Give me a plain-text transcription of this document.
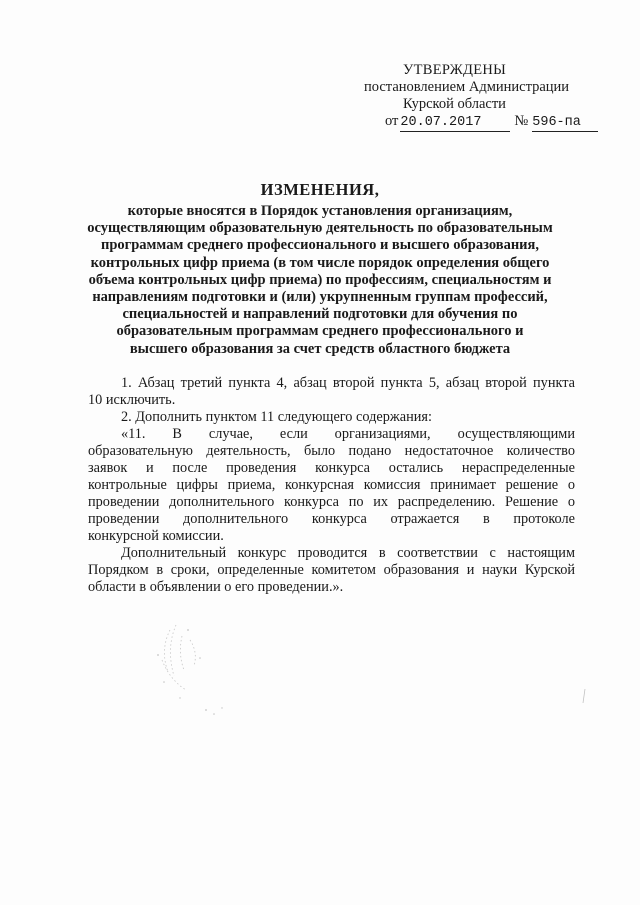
УТВЕРЖДЕНЫ
постановлением Администрации
Курской области
от 20.07.2017	№ 596-па
ИЗМЕНЕНИЯ,
которые вносятся в Порядок установления организациям,
осуществляющим образовательную деятельность по образовательным
программам среднего профессионального и высшего образования,
контрольных цифр приема (в том числе порядок определения общего
объема контрольных цифр приема) по профессиям, специальностям и
направлениям подготовки и (или) укрупненным группам профессий,
специальностей и направлений подготовки для обучения по
образовательным программам среднего профессионального и
высшего образования за счет средств областного бюджета
1. Абзац третий пункта 4, абзац второй пункта 5, абзац второй пункта
10 исключить.
2. Дополнить пунктом 11 следующего содержания:
«11. В случае, если организациями, осуществляющими
образовательную деятельность, было подано недостаточное количество
заявок и после проведения конкурса остались нераспределенные
контрольные цифры приема, конкурсная комиссия принимает решение о
проведении дополнительного конкурса по их распределению. Решение о
проведении дополнительного конкурса отражается в протоколе
конкурсной комиссии.
Дополнительный конкурс проводится в соответствии с настоящим
Порядком в сроки, определенные комитетом образования и науки Курской
области в объявлении о его проведении.».
